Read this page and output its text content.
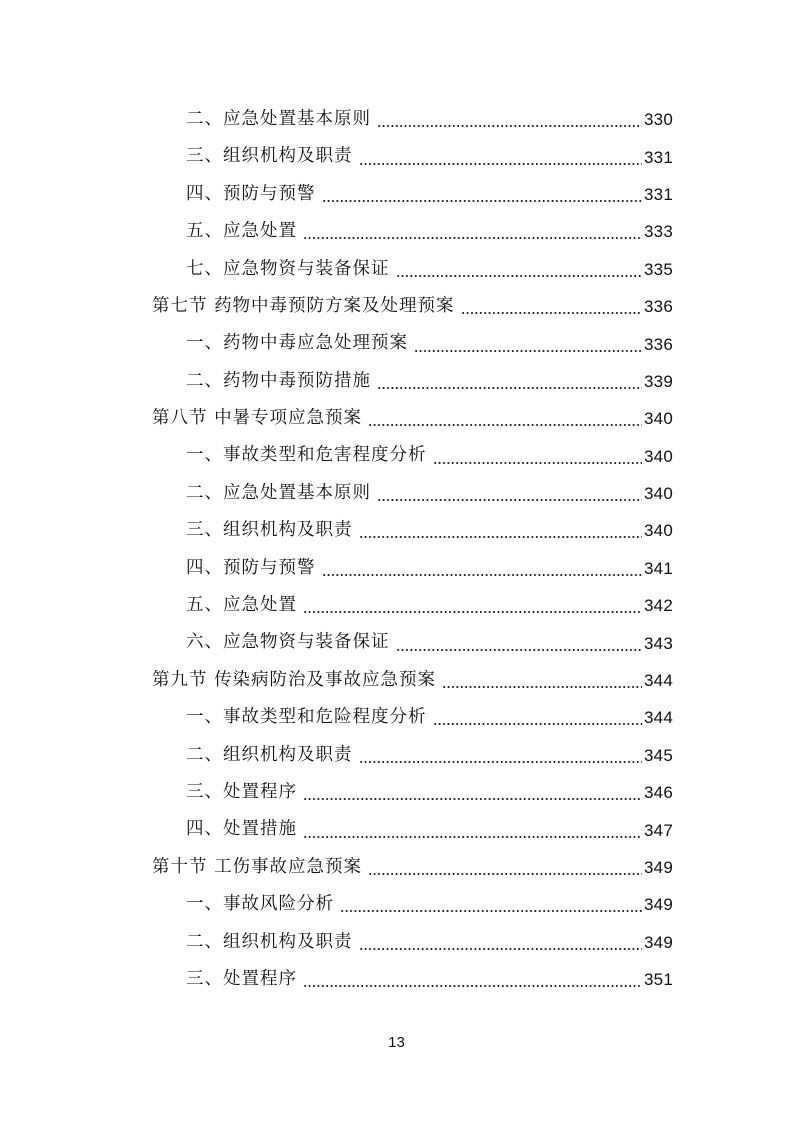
二、应急处置基本原则	330
三、组织机构及职责	331
四、预防与预警	331
五、应急处置	333
七、应急物资与装备保证	335
第七节 药物中毒预防方案及处理预案	336
一、药物中毒应急处理预案	336
二、药物中毒预防措施	339
第八节 中暑专项应急预案	340
一、事故类型和危害程度分析	340
二、应急处置基本原则	340
三、组织机构及职责	340
四、预防与预警	341
五、应急处置	342
六、应急物资与装备保证	343
第九节 传染病防治及事故应急预案	344
一、事故类型和危险程度分析	344
二、组织机构及职责	345
三、处置程序	346
四、处置措施	347
第十节 工伤事故应急预案	349
一、事故风险分析	349
二、组织机构及职责	349
三、处置程序	351
13
